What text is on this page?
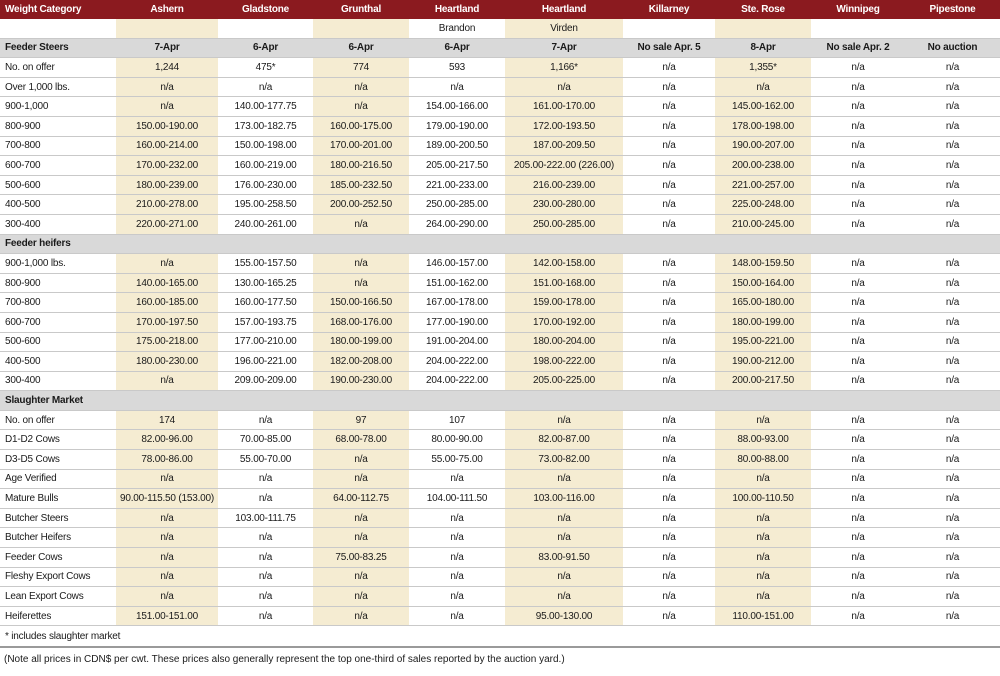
Weight Category	Ashern	Gladstone	Grunthal	Heartland	Heartland	Killarney	Ste. Rose	Winnipeg	Pipestone
				Brandon	Virden				
Feeder Steers	7-Apr	6-Apr	6-Apr	6-Apr	7-Apr	No sale Apr. 5	8-Apr	No sale Apr. 2	No auction
No. on offer	1,244	475*	774	593	1,166*	n/a	1,355*	n/a	n/a
Over 1,000 lbs.	n/a	n/a	n/a	n/a	n/a	n/a	n/a	n/a	n/a
900-1,000	n/a	140.00-177.75	n/a	154.00-166.00	161.00-170.00	n/a	145.00-162.00	n/a	n/a
800-900	150.00-190.00	173.00-182.75	160.00-175.00	179.00-190.00	172.00-193.50	n/a	178.00-198.00	n/a	n/a
700-800	160.00-214.00	150.00-198.00	170.00-201.00	189.00-200.50	187.00-209.50	n/a	190.00-207.00	n/a	n/a
600-700	170.00-232.00	160.00-219.00	180.00-216.50	205.00-217.50	205.00-222.00 (226.00)	n/a	200.00-238.00	n/a	n/a
500-600	180.00-239.00	176.00-230.00	185.00-232.50	221.00-233.00	216.00-239.00	n/a	221.00-257.00	n/a	n/a
400-500	210.00-278.00	195.00-258.50	200.00-252.50	250.00-285.00	230.00-280.00	n/a	225.00-248.00	n/a	n/a
300-400	220.00-271.00	240.00-261.00	n/a	264.00-290.00	250.00-285.00	n/a	210.00-245.00	n/a	n/a
Feeder heifers									
900-1,000 lbs.	n/a	155.00-157.50	n/a	146.00-157.00	142.00-158.00	n/a	148.00-159.50	n/a	n/a
800-900	140.00-165.00	130.00-165.25	n/a	151.00-162.00	151.00-168.00	n/a	150.00-164.00	n/a	n/a
700-800	160.00-185.00	160.00-177.50	150.00-166.50	167.00-178.00	159.00-178.00	n/a	165.00-180.00	n/a	n/a
600-700	170.00-197.50	157.00-193.75	168.00-176.00	177.00-190.00	170.00-192.00	n/a	180.00-199.00	n/a	n/a
500-600	175.00-218.00	177.00-210.00	180.00-199.00	191.00-204.00	180.00-204.00	n/a	195.00-221.00	n/a	n/a
400-500	180.00-230.00	196.00-221.00	182.00-208.00	204.00-222.00	198.00-222.00	n/a	190.00-212.00	n/a	n/a
300-400	n/a	209.00-209.00	190.00-230.00	204.00-222.00	205.00-225.00	n/a	200.00-217.50	n/a	n/a
Slaughter Market									
No. on offer	174	n/a	97	107	n/a	n/a	n/a	n/a	n/a
D1-D2 Cows	82.00-96.00	70.00-85.00	68.00-78.00	80.00-90.00	82.00-87.00	n/a	88.00-93.00	n/a	n/a
D3-D5 Cows	78.00-86.00	55.00-70.00	n/a	55.00-75.00	73.00-82.00	n/a	80.00-88.00	n/a	n/a
Age Verified	n/a	n/a	n/a	n/a	n/a	n/a	n/a	n/a	n/a
Mature Bulls	90.00-115.50 (153.00)	n/a	64.00-112.75	104.00-111.50	103.00-116.00	n/a	100.00-110.50	n/a	n/a
Butcher Steers	n/a	103.00-111.75	n/a	n/a	n/a	n/a	n/a	n/a	n/a
Butcher Heifers	n/a	n/a	n/a	n/a	n/a	n/a	n/a	n/a	n/a
Feeder Cows	n/a	n/a	75.00-83.25	n/a	83.00-91.50	n/a	n/a	n/a	n/a
Fleshy Export Cows	n/a	n/a	n/a	n/a	n/a	n/a	n/a	n/a	n/a
Lean Export Cows	n/a	n/a	n/a	n/a	n/a	n/a	n/a	n/a	n/a
Heiferettes	151.00-151.00	n/a	n/a	n/a	95.00-130.00	n/a	110.00-151.00	n/a	n/a
* includes slaughter market									
(Note all prices in CDN$ per cwt. These prices also generally represent the top one-third of sales reported by the auction yard.)
